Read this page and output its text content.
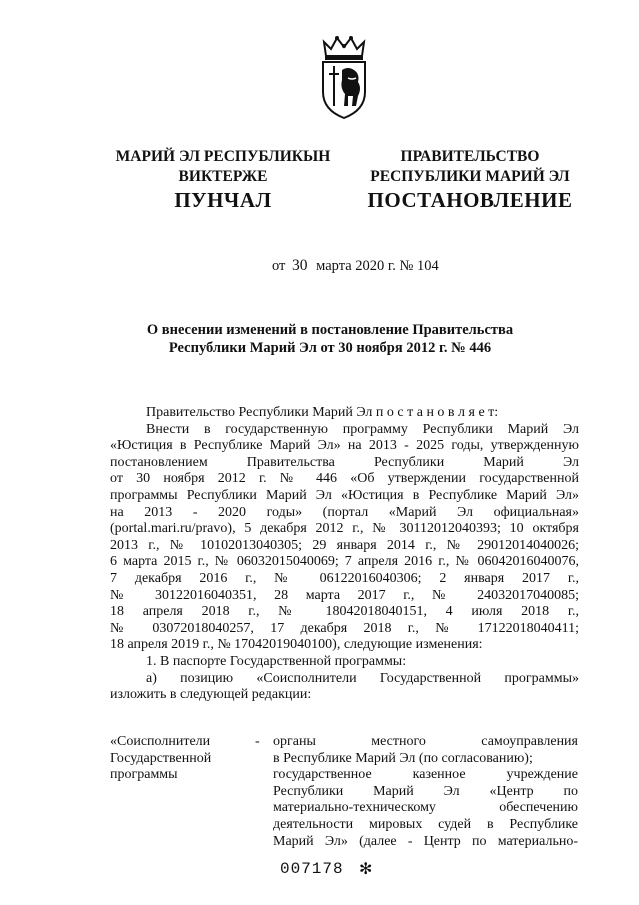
МАРИЙ ЭЛ РЕСПУБЛИКЫН
ВИКТЕРЖЕ
ПУНЧАЛ
ПРАВИТЕЛЬСТВО
РЕСПУБЛИКИ МАРИЙ ЭЛ
ПОСТАНОВЛЕНИЕ
от 30 марта 2020 г. № 104
О внесении изменений в постановление Правительства
Республики Марий Эл от 30 ноября 2012 г. № 446
Правительство Республики Марий Эл п о с т а н о в л я е т:
Внести в государственную программу Республики Марий Эл
«Юстиция в Республике Марий Эл» на 2013 - 2025 годы, утвержденную
постановлением Правительства Республики Марий Эл
от 30 ноября 2012 г. № 446 «Об утверждении государственной
программы Республики Марий Эл «Юстиция в Республике Марий Эл»
на 2013 - 2020 годы» (портал «Марий Эл официальная»
(portal.mari.ru/pravo), 5 декабря 2012 г., № 30112012040393; 10 октября
2013 г., № 10102013040305; 29 января 2014 г., № 29012014040026;
6 марта 2015 г., № 06032015040069; 7 апреля 2016 г., № 06042016040076,
7 декабря 2016 г., № 06122016040306; 2 января 2017 г.,
№ 30122016040351, 28 марта 2017 г., № 24032017040085;
18 апреля 2018 г., № 18042018040151, 4 июля 2018 г.,
№ 03072018040257, 17 декабря 2018 г., № 17122018040411;
18 апреля 2019 г., № 17042019040100), следующие изменения:
1. В паспорте Государственной программы:
а) позицию «Соисполнители Государственной программы»
изложить в следующей редакции:
«Соисполнители
Государственной
программы
- органы местного самоуправления
в Республике Марий Эл (по согласованию);
государственное казенное учреждение
Республики Марий Эл «Центр по
материально-техническому обеспечению
деятельности мировых судей в Республике
Марий Эл» (далее - Центр по материально-
007178 ✻
